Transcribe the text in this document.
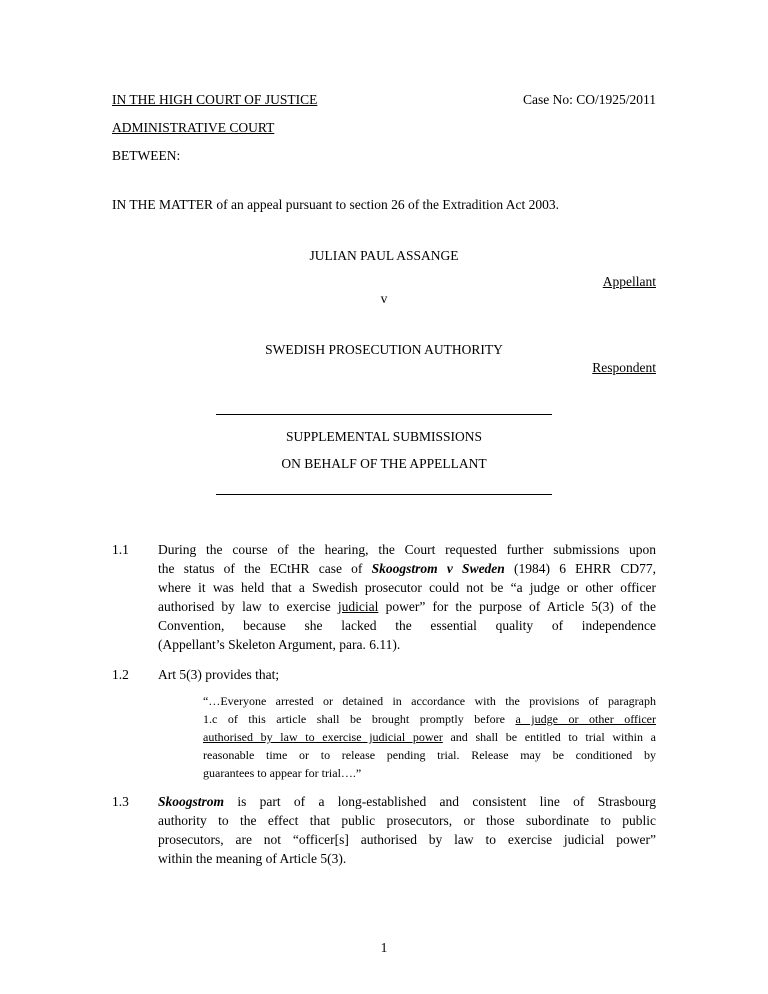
IN THE HIGH COURT OF JUSTICE	Case No: CO/1925/2011
ADMINISTRATIVE COURT
BETWEEN:
IN THE MATTER of an appeal pursuant to section 26 of the Extradition Act 2003.
JULIAN PAUL ASSANGE
Appellant
v
SWEDISH PROSECUTION AUTHORITY
Respondent
SUPPLEMENTAL SUBMISSIONS
ON BEHALF OF THE APPELLANT
1.1 During the course of the hearing, the Court requested further submissions upon
the status of the ECtHR case of Skoogstrom v Sweden (1984) 6 EHRR CD77,
where it was held that a Swedish prosecutor could not be “a judge or other officer
authorised by law to exercise judicial power” for the purpose of Article 5(3) of the
Convention, because she lacked the essential quality of independence
(Appellant’s Skeleton Argument, para. 6.11).
1.2 Art 5(3) provides that;
“…Everyone arrested or detained in accordance with the provisions of paragraph
1.c of this article shall be brought promptly before a judge or other officer
authorised by law to exercise judicial power and shall be entitled to trial within a
reasonable time or to release pending trial. Release may be conditioned by
guarantees to appear for trial….”
1.3 Skoogstrom is part of a long-established and consistent line of Strasbourg
authority to the effect that public prosecutors, or those subordinate to public
prosecutors, are not “officer[s] authorised by law to exercise judicial power”
within the meaning of Article 5(3).
1
